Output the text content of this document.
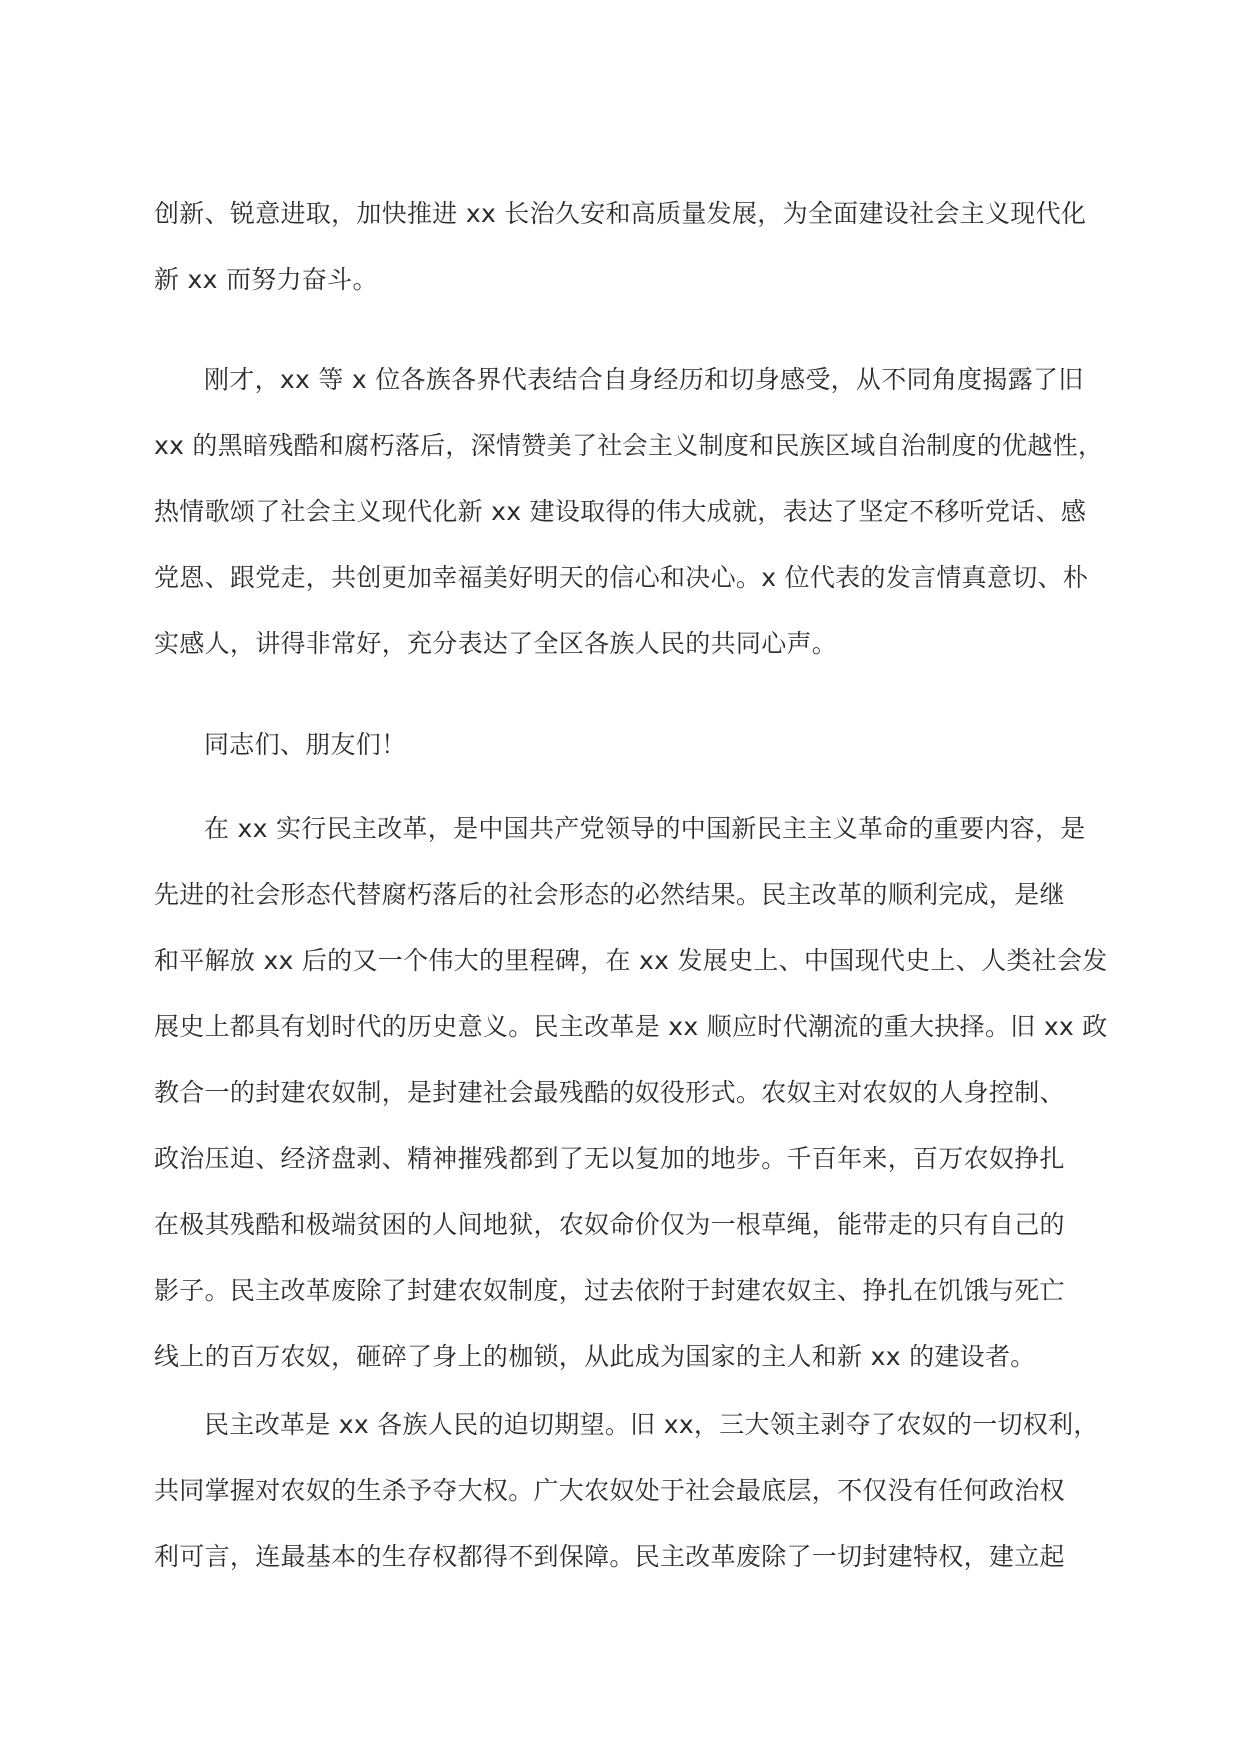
创新、锐意进取，加快推进 xx 长治久安和高质量发展，为全面建设社会主义现代化
新 xx 而努力奋斗。
刚才，xx 等 x 位各族各界代表结合自身经历和切身感受，从不同角度揭露了旧
xx 的黑暗残酷和腐朽落后，深情赞美了社会主义制度和民族区域自治制度的优越性，
热情歌颂了社会主义现代化新 xx 建设取得的伟大成就，表达了坚定不移听党话、感
党恩、跟党走，共创更加幸福美好明天的信心和决心。x 位代表的发言情真意切、朴
实感人，讲得非常好，充分表达了全区各族人民的共同心声。
同志们、朋友们！
在 xx 实行民主改革，是中国共产党领导的中国新民主主义革命的重要内容，是
先进的社会形态代替腐朽落后的社会形态的必然结果。民主改革的顺利完成，是继
和平解放 xx 后的又一个伟大的里程碑，在 xx 发展史上、中国现代史上、人类社会发
展史上都具有划时代的历史意义。民主改革是 xx 顺应时代潮流的重大抉择。旧 xx 政
教合一的封建农奴制，是封建社会最残酷的奴役形式。农奴主对农奴的人身控制、
政治压迫、经济盘剥、精神摧残都到了无以复加的地步。千百年来，百万农奴挣扎
在极其残酷和极端贫困的人间地狱，农奴命价仅为一根草绳，能带走的只有自己的
影子。民主改革废除了封建农奴制度，过去依附于封建农奴主、挣扎在饥饿与死亡
线上的百万农奴，砸碎了身上的枷锁，从此成为国家的主人和新 xx 的建设者。
民主改革是 xx 各族人民的迫切期望。旧 xx，三大领主剥夺了农奴的一切权利，
共同掌握对农奴的生杀予夺大权。广大农奴处于社会最底层，不仅没有任何政治权
利可言，连最基本的生存权都得不到保障。民主改革废除了一切封建特权，建立起
